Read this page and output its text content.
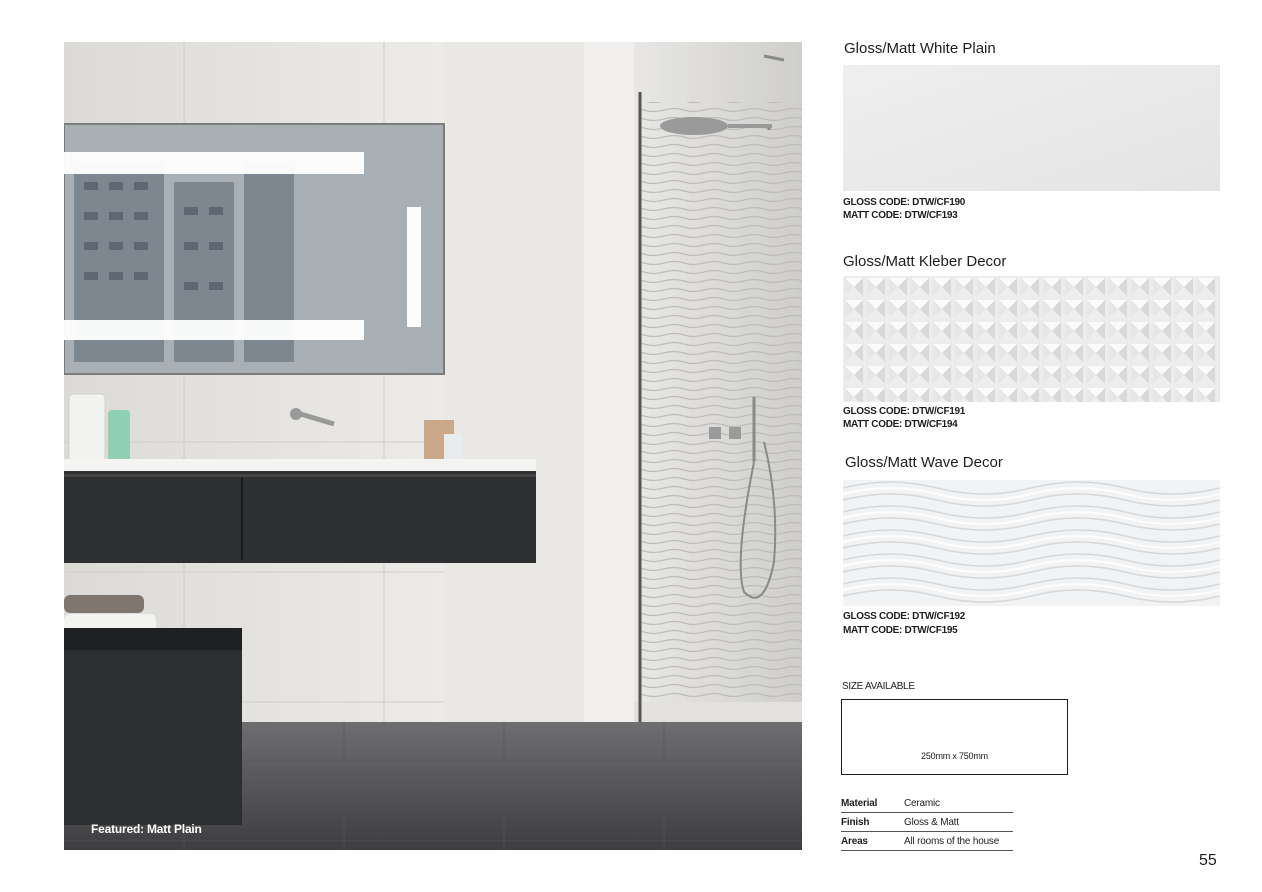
Featured: Matt Plain
Gloss/Matt White Plain
GLOSS CODE: DTW/CF190
MATT CODE: DTW/CF193
Gloss/Matt Kleber Decor
GLOSS CODE: DTW/CF191
MATT CODE: DTW/CF194
Gloss/Matt Wave Decor
GLOSS CODE: DTW/CF192
MATT CODE: DTW/CF195
SIZE AVAILABLE
250mm x 750mm
Material	Ceramic
Finish	Gloss & Matt
Areas	All rooms of the house
55
